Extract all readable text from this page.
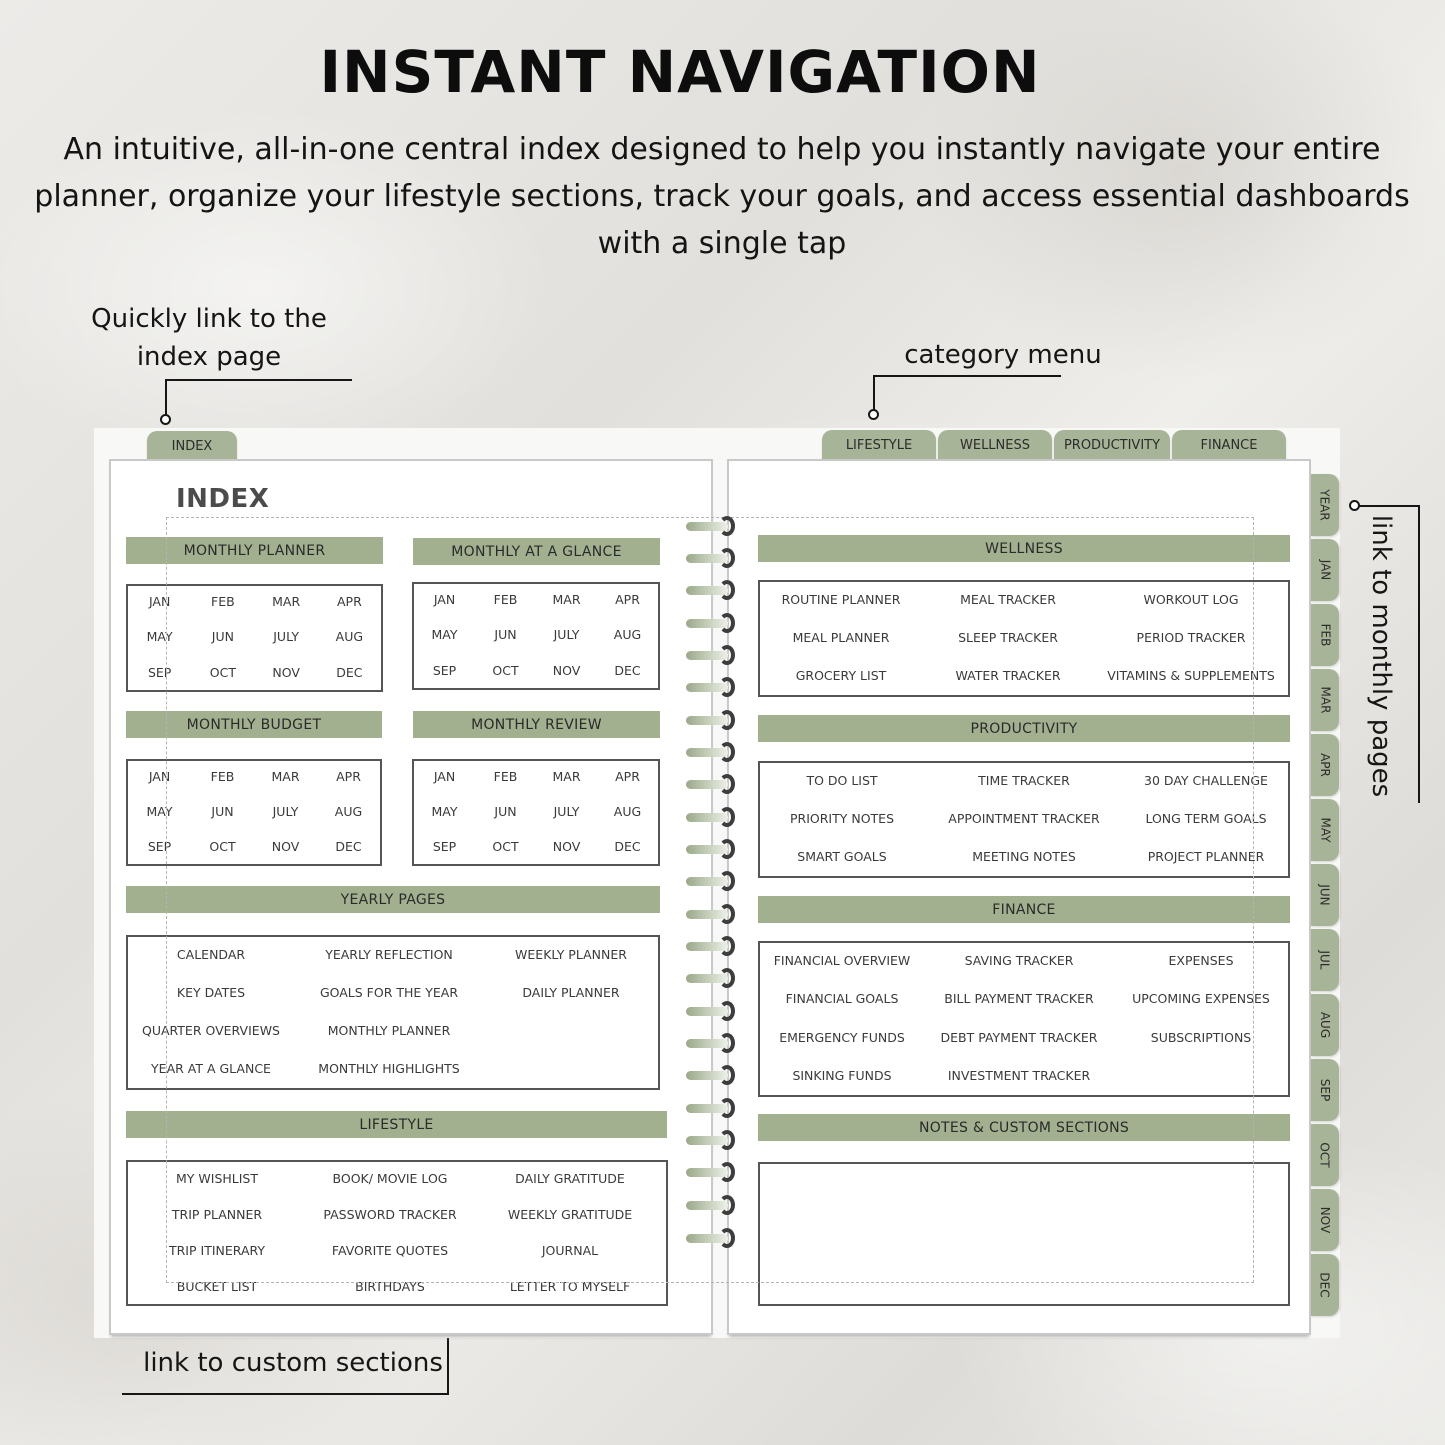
INSTANT NAVIGATION
An intuitive, all-in-one central index designed to help you instantly navigate your entire planner, organize your lifestyle sections, track your goals, and access essential dashboards with a single tap
Quickly link to the
index page	category menu
link to monthly pages
link to custom sections
INDEX	LIFESTYLE	WELLNESS	PRODUCTIVITY	FINANCE
YEAR
JAN
FEB
MAR
APR
MAY
JUN
JUL
AUG
SEP
OCT
NOV
DEC
INDEX
MONTHLY PLANNER
JAN	FEB	MAR	APR
MAY	JUN	JULY	AUG
SEP	OCT	NOV	DEC
MONTHLY AT A GLANCE
JAN	FEB	MAR	APR
MAY	JUN	JULY	AUG
SEP	OCT	NOV	DEC
MONTHLY BUDGET
JAN	FEB	MAR	APR
MAY	JUN	JULY	AUG
SEP	OCT	NOV	DEC
MONTHLY REVIEW
JAN	FEB	MAR	APR
MAY	JUN	JULY	AUG
SEP	OCT	NOV	DEC
YEARLY PAGES
CALENDAR	YEARLY REFLECTION	WEEKLY PLANNER
KEY DATES	GOALS FOR THE YEAR	DAILY PLANNER
QUARTER OVERVIEWS	MONTHLY PLANNER
YEAR AT A GLANCE	MONTHLY HIGHLIGHTS
LIFESTYLE
MY WISHLIST	BOOK/ MOVIE LOG	DAILY GRATITUDE
TRIP PLANNER	PASSWORD TRACKER	WEEKLY GRATITUDE
TRIP ITINERARY	FAVORITE QUOTES	JOURNAL
BUCKET LIST	BIRTHDAYS	LETTER TO MYSELF
WELLNESS
ROUTINE PLANNER	MEAL TRACKER	WORKOUT LOG
MEAL PLANNER	SLEEP TRACKER	PERIOD TRACKER
GROCERY LIST	WATER TRACKER	VITAMINS & SUPPLEMENTS
PRODUCTIVITY
TO DO LIST	TIME TRACKER	30 DAY CHALLENGE
PRIORITY NOTES	APPOINTMENT TRACKER	LONG TERM GOALS
SMART GOALS	MEETING NOTES	PROJECT PLANNER
FINANCE
FINANCIAL OVERVIEW	SAVING TRACKER	EXPENSES
FINANCIAL GOALS	BILL PAYMENT TRACKER	UPCOMING EXPENSES
EMERGENCY FUNDS	DEBT PAYMENT TRACKER	SUBSCRIPTIONS
SINKING FUNDS	INVESTMENT TRACKER
NOTES & CUSTOM SECTIONS
